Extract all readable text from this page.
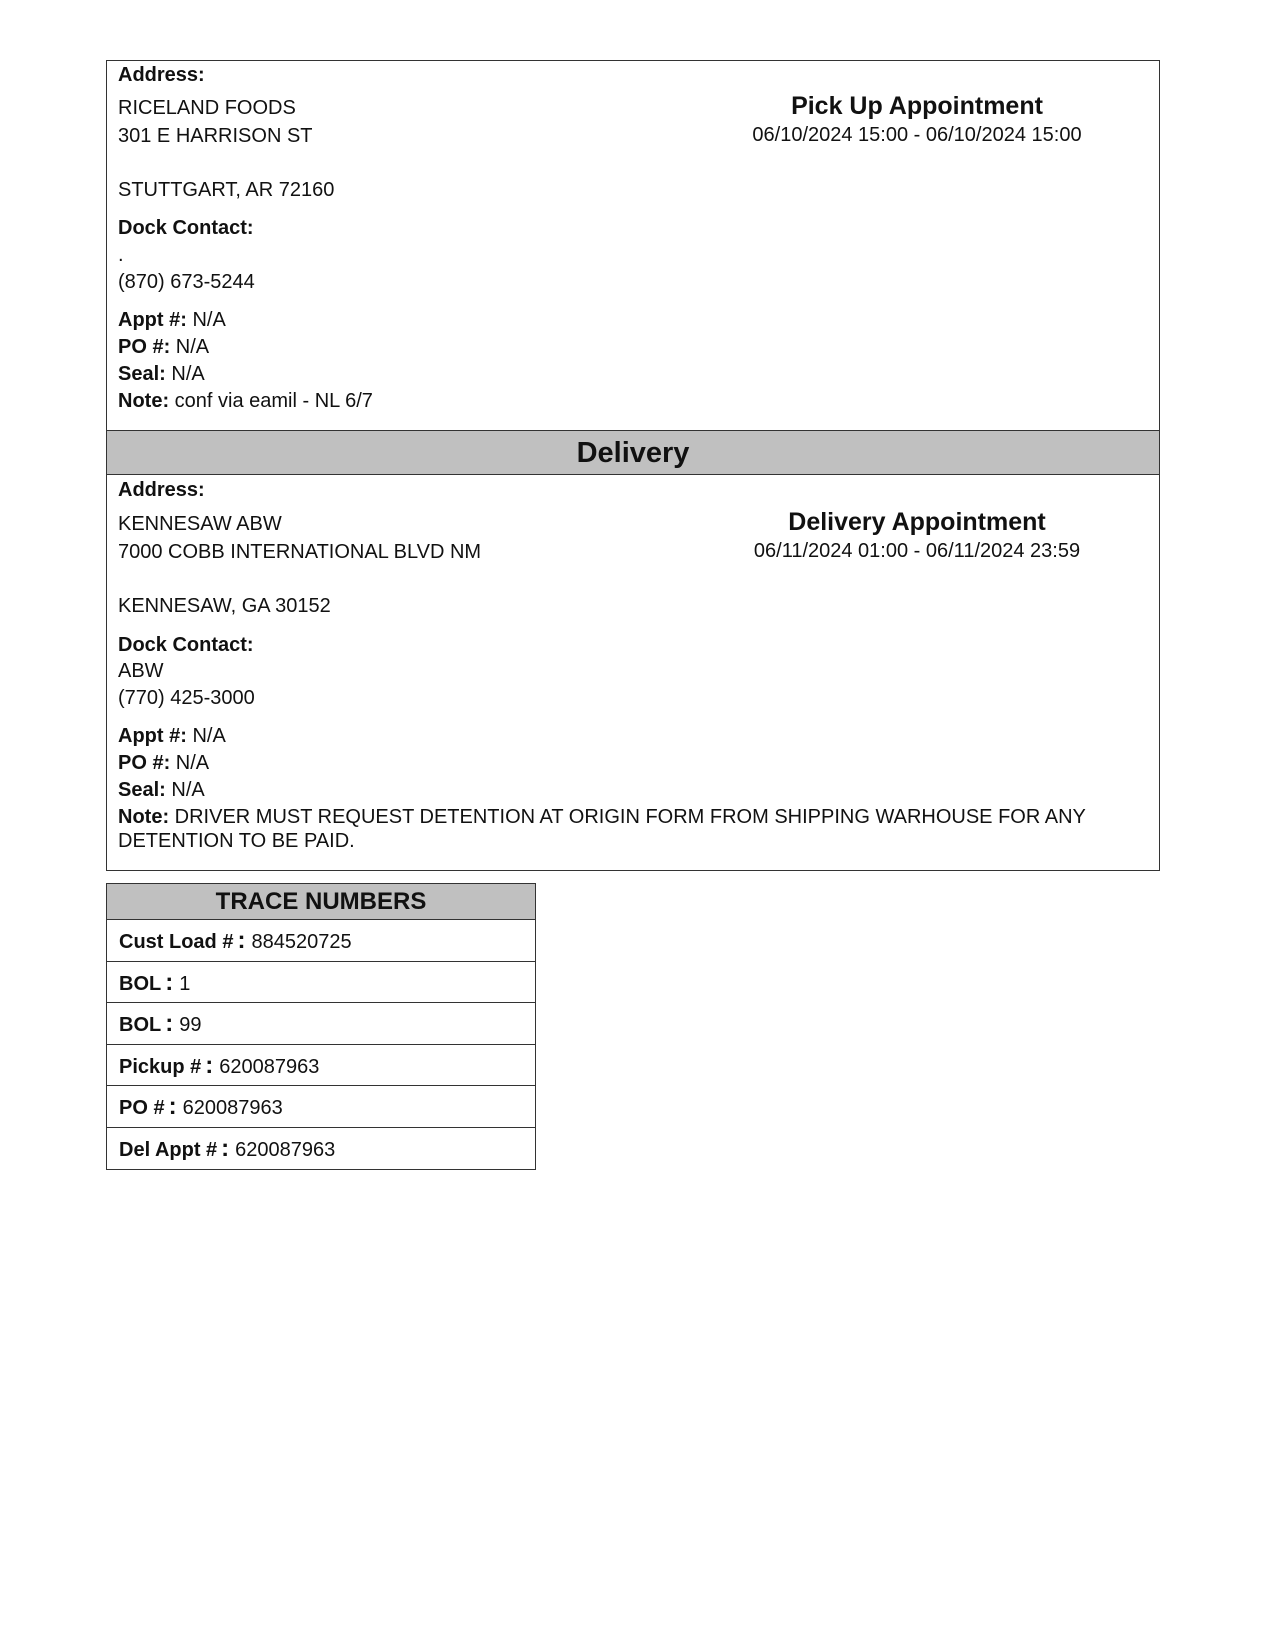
Address:
RICELAND FOODS
301 E HARRISON ST
STUTTGART, AR 72160
Pick Up Appointment
06/10/2024 15:00 - 06/10/2024 15:00
Dock Contact:
.
(870) 673-5244
Appt #: N/A
PO #: N/A
Seal: N/A
Note: conf via eamil - NL 6/7
Delivery
Address:
KENNESAW ABW
7000 COBB INTERNATIONAL BLVD NM
KENNESAW, GA 30152
Delivery Appointment
06/11/2024 01:00 - 06/11/2024 23:59
Dock Contact:
ABW
(770) 425-3000
Appt #: N/A
PO #: N/A
Seal: N/A
Note: DRIVER MUST REQUEST DETENTION AT ORIGIN FORM FROM SHIPPING WARHOUSE FOR ANY DETENTION TO BE PAID.
TRACE NUMBERS
Cust Load # : 884520725
BOL : 1
BOL : 99
Pickup # : 620087963
PO # : 620087963
Del Appt # : 620087963
